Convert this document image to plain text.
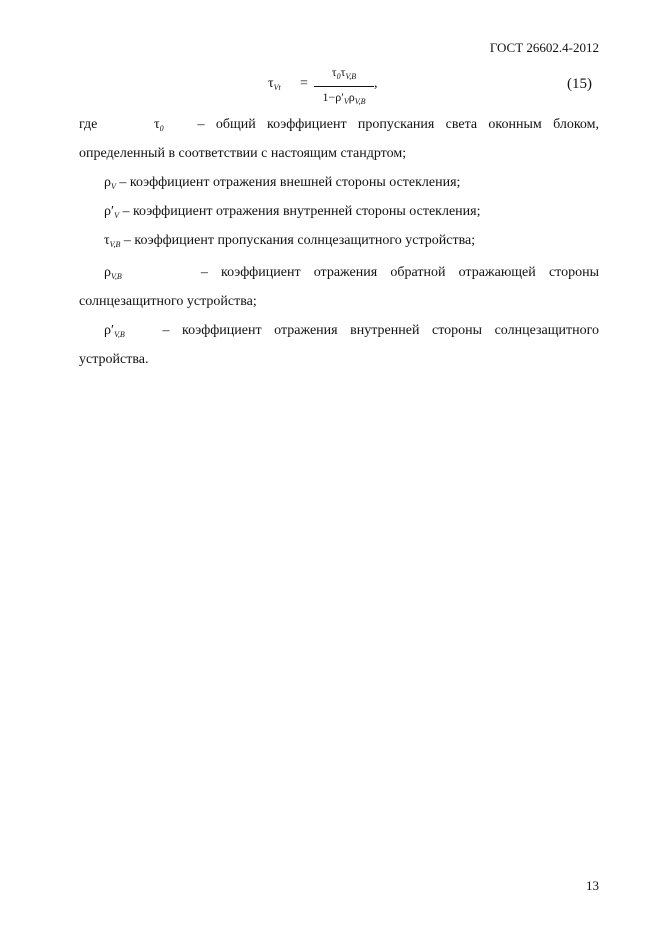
ГОСТ 26602.4-2012
$\tau_{Vt}$ =
$\tau_0\tau_{V,B}$
$1-\rho'_V\rho_{V,B}$
,	(15)
где	$\tau_0$ – общий коэффициент пропускания света оконным блоком,
определенный в соответствии с настоящим стандртом;
$\rho_V$ – коэффициент отражения внешней стороны остекления;
$\rho'_V$ – коэффициент отражения внутренней стороны остекления;
$\tau_{V,B}$ – коэффициент пропускания солнцезащитного устройства;
$\rho_{V,B}$	– коэффициент отражения обратной отражающей стороны
солнцезащитного устройства;
$\rho'_{V,B}$	– коэффициент отражения внутренней стороны солнцезащитного
устройства.
13
